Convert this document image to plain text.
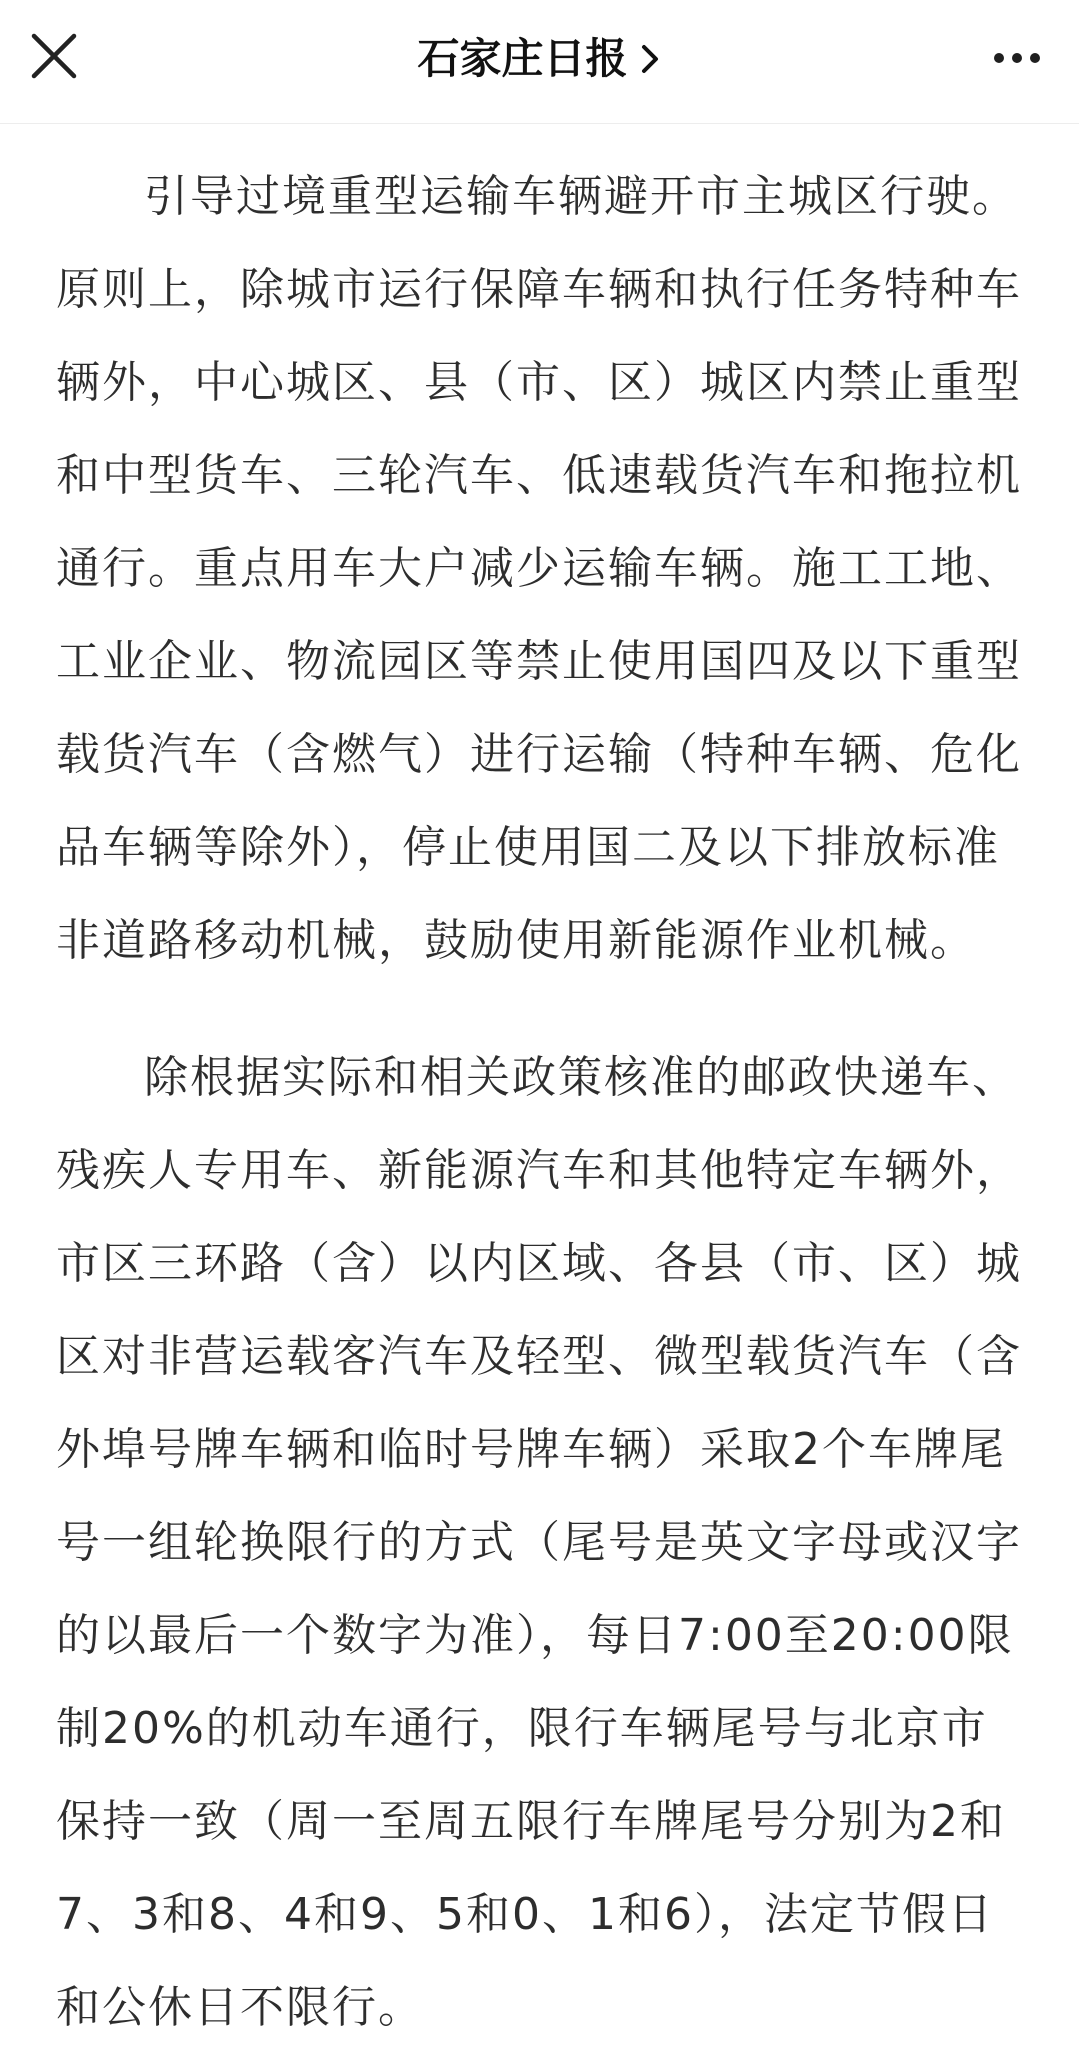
石家庄日报

引导过境重型运输车辆避开市主城区行驶。原则上，除城市运行保障车辆和执行任务特种车辆外，中心城区、县（市、区）城区内禁止重型和中型货车、三轮汽车、低速载货汽车和拖拉机通行。重点用车大户减少运输车辆。施工工地、工业企业、物流园区等禁止使用国四及以下重型载货汽车（含燃气）进行运输（特种车辆、危化品车辆等除外），停止使用国二及以下排放标准非道路移动机械，鼓励使用新能源作业机械。

除根据实际和相关政策核准的邮政快递车、残疾人专用车、新能源汽车和其他特定车辆外，市区三环路（含）以内区域、各县（市、区）城区对非营运载客汽车及轻型、微型载货汽车（含外埠号牌车辆和临时号牌车辆）采取2个车牌尾号一组轮换限行的方式（尾号是英文字母或汉字的以最后一个数字为准），每日7:00至20:00限制20%的机动车通行，限行车辆尾号与北京市保持一致（周一至周五限行车牌尾号分别为2和7、3和8、4和9、5和0、1和6），法定节假日和公休日不限行。
